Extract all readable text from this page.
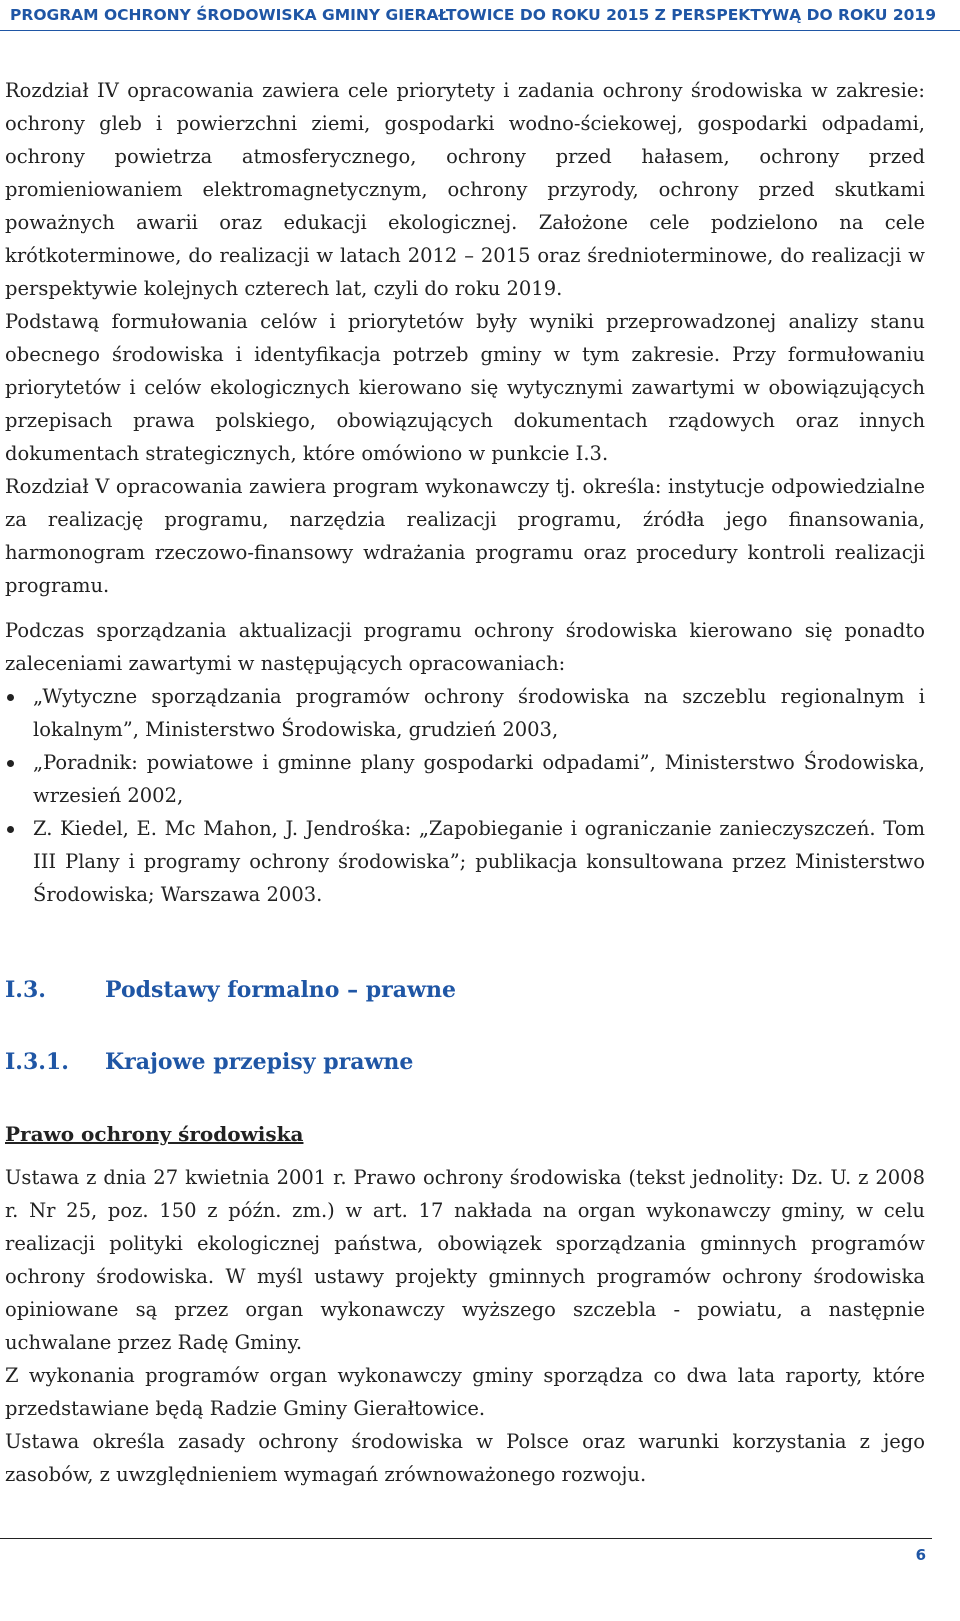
PROGRAM OCHRONY ŚRODOWISKA GMINY GIERAŁTOWICE DO ROKU 2015 Z PERSPEKTYWĄ DO ROKU 2019

Rozdział IV opracowania zawiera cele priorytety i zadania ochrony środowiska w zakresie: ochrony gleb i powierzchni ziemi, gospodarki wodno-ściekowej, gospodarki odpadami, ochrony powietrza atmosferycznego, ochrony przed hałasem, ochrony przed promieniowaniem elektromagnetycznym, ochrony przyrody, ochrony przed skutkami poważnych awarii oraz edukacji ekologicznej. Założone cele podzielono na cele krótkoterminowe, do realizacji w latach 2012 – 2015 oraz średnioterminowe, do realizacji w perspektywie kolejnych czterech lat, czyli do roku 2019.

Podstawą formułowania celów i priorytetów były wyniki przeprowadzonej analizy stanu obecnego środowiska i identyfikacja potrzeb gminy w tym zakresie. Przy formułowaniu priorytetów i celów ekologicznych kierowano się wytycznymi zawartymi w obowiązujących przepisach prawa polskiego, obowiązujących dokumentach rządowych oraz innych dokumentach strategicznych, które omówiono w punkcie I.3.

Rozdział V opracowania zawiera program wykonawczy tj. określa: instytucje odpowiedzialne za realizację programu, narzędzia realizacji programu, źródła jego finansowania, harmonogram rzeczowo-finansowy wdrażania programu oraz procedury kontroli realizacji programu.

Podczas sporządzania aktualizacji programu ochrony środowiska kierowano się ponadto zaleceniami zawartymi w następujących opracowaniach:

„Wytyczne sporządzania programów ochrony środowiska na szczeblu regionalnym i lokalnym”, Ministerstwo Środowiska, grudzień 2003,
„Poradnik: powiatowe i gminne plany gospodarki odpadami”, Ministerstwo Środowiska, wrzesień 2002,
Z. Kiedel, E. Mc Mahon, J. Jendrośka: „Zapobieganie i ograniczanie zanieczyszczeń. Tom III Plany i programy ochrony środowiska”; publikacja konsultowana przez Ministerstwo Środowiska; Warszawa 2003.
I.3.	Podstawy formalno – prawne
I.3.1. Krajowe przepisy prawne
Prawo ochrony środowiska

Ustawa z dnia 27 kwietnia 2001 r. Prawo ochrony środowiska (tekst jednolity: Dz. U. z 2008 r. Nr 25, poz. 150 z późn. zm.) w art. 17 nakłada na organ wykonawczy gminy, w celu realizacji polityki ekologicznej państwa, obowiązek sporządzania gminnych programów ochrony środowiska. W myśl ustawy projekty gminnych programów ochrony środowiska opiniowane są przez organ wykonawczy wyższego szczebla - powiatu, a następnie uchwalane przez Radę Gminy.

Z wykonania programów organ wykonawczy gminy sporządza co dwa lata raporty, które przedstawiane będą Radzie Gminy Gierałtowice.

Ustawa określa zasady ochrony środowiska w Polsce oraz warunki korzystania z jego zasobów, z uwzględnieniem wymagań zrównoważonego rozwoju.

6
